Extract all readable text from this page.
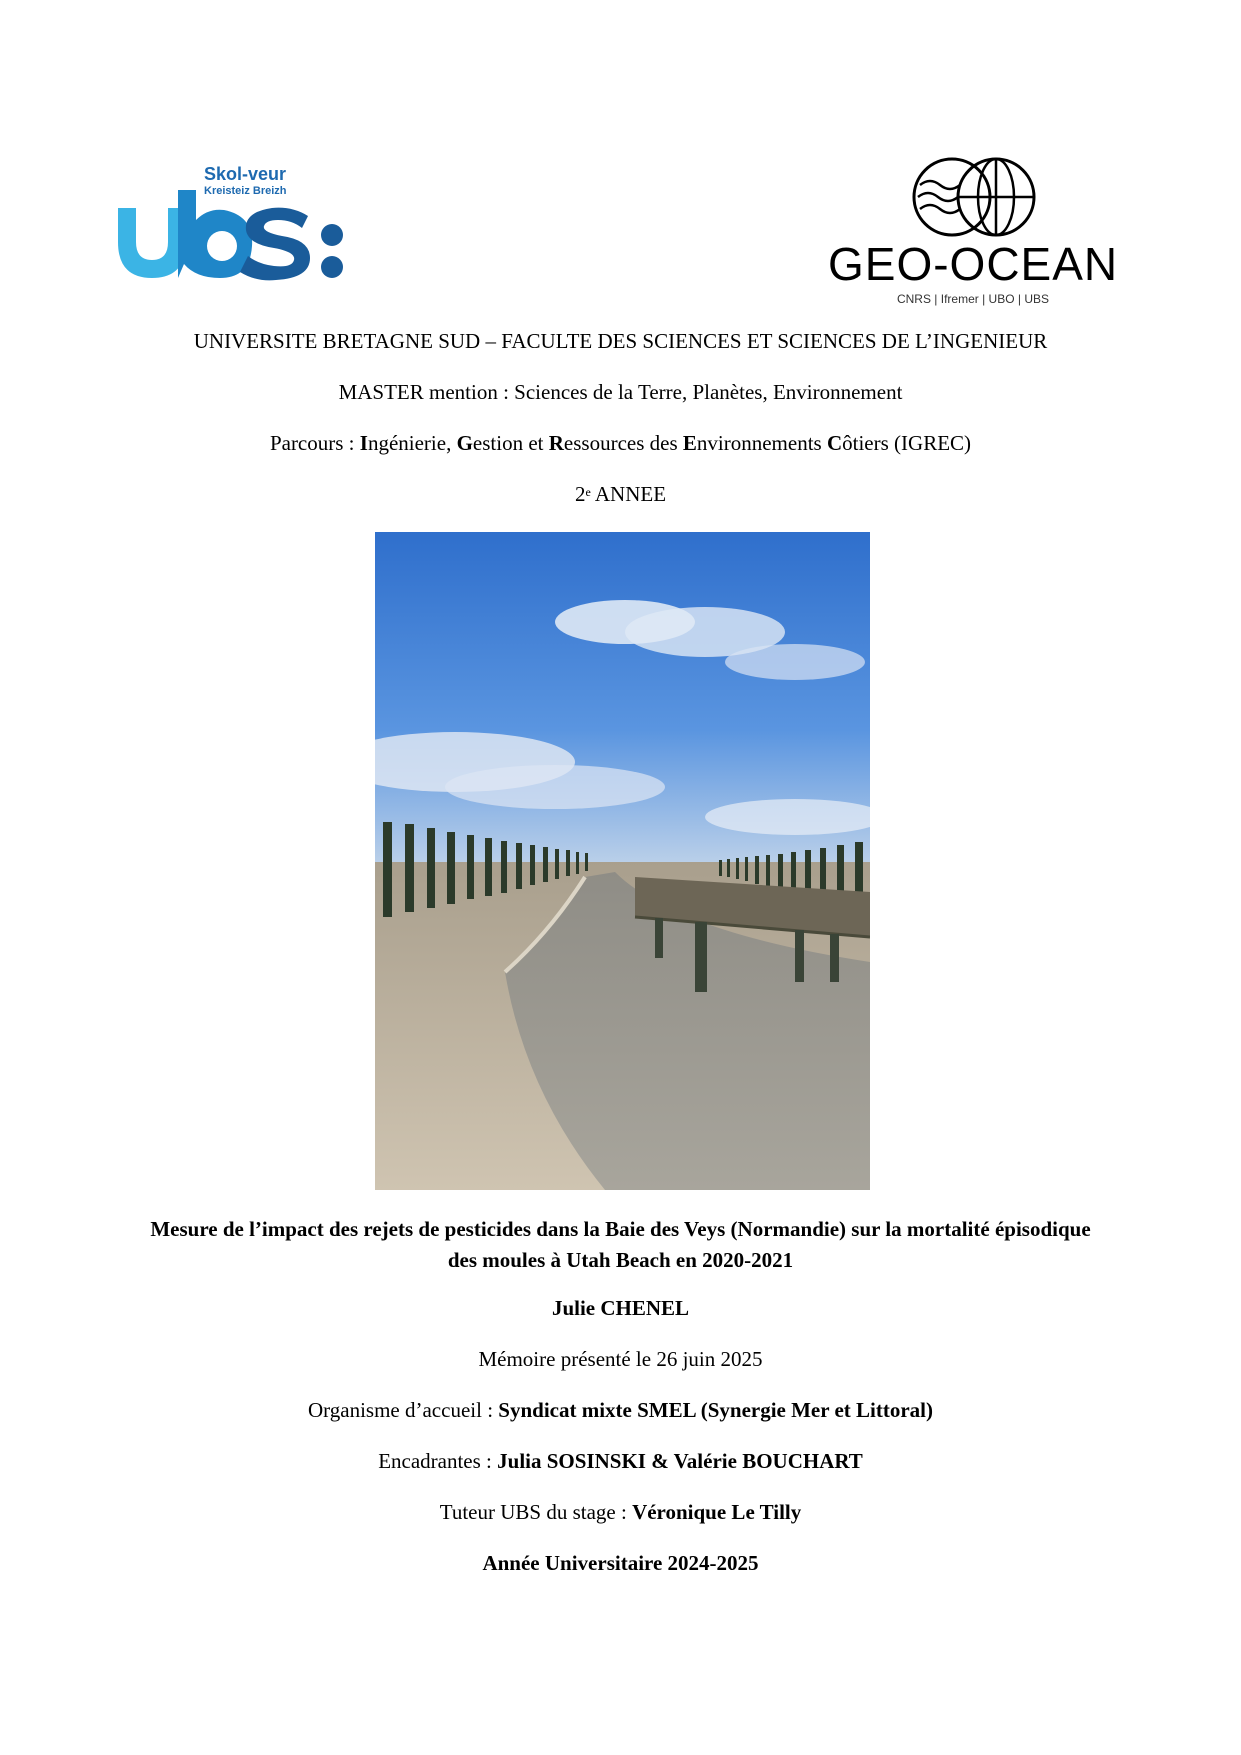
Skol-veur
Kreisteiz Breizh
GEO-OCEAN
CNRS | Ifremer | UBO | UBS
UNIVERSITE BRETAGNE SUD – FACULTE DES SCIENCES ET SCIENCES DE L’INGENIEUR
MASTER mention : Sciences de la Terre, Planètes, Environnement
Parcours : Ingénierie, Gestion et Ressources des Environnements Côtiers (IGREC)
2e ANNEE
Mesure de l’impact des rejets de pesticides dans la Baie des Veys (Normandie) sur la mortalité épisodique
des moules à Utah Beach en 2020-2021
Julie CHENEL
Mémoire présenté le 26 juin 2025
Organisme d’accueil : Syndicat mixte SMEL (Synergie Mer et Littoral)
Encadrantes : Julia SOSINSKI & Valérie BOUCHART
Tuteur UBS du stage : Véronique Le Tilly
Année Universitaire 2024-2025
